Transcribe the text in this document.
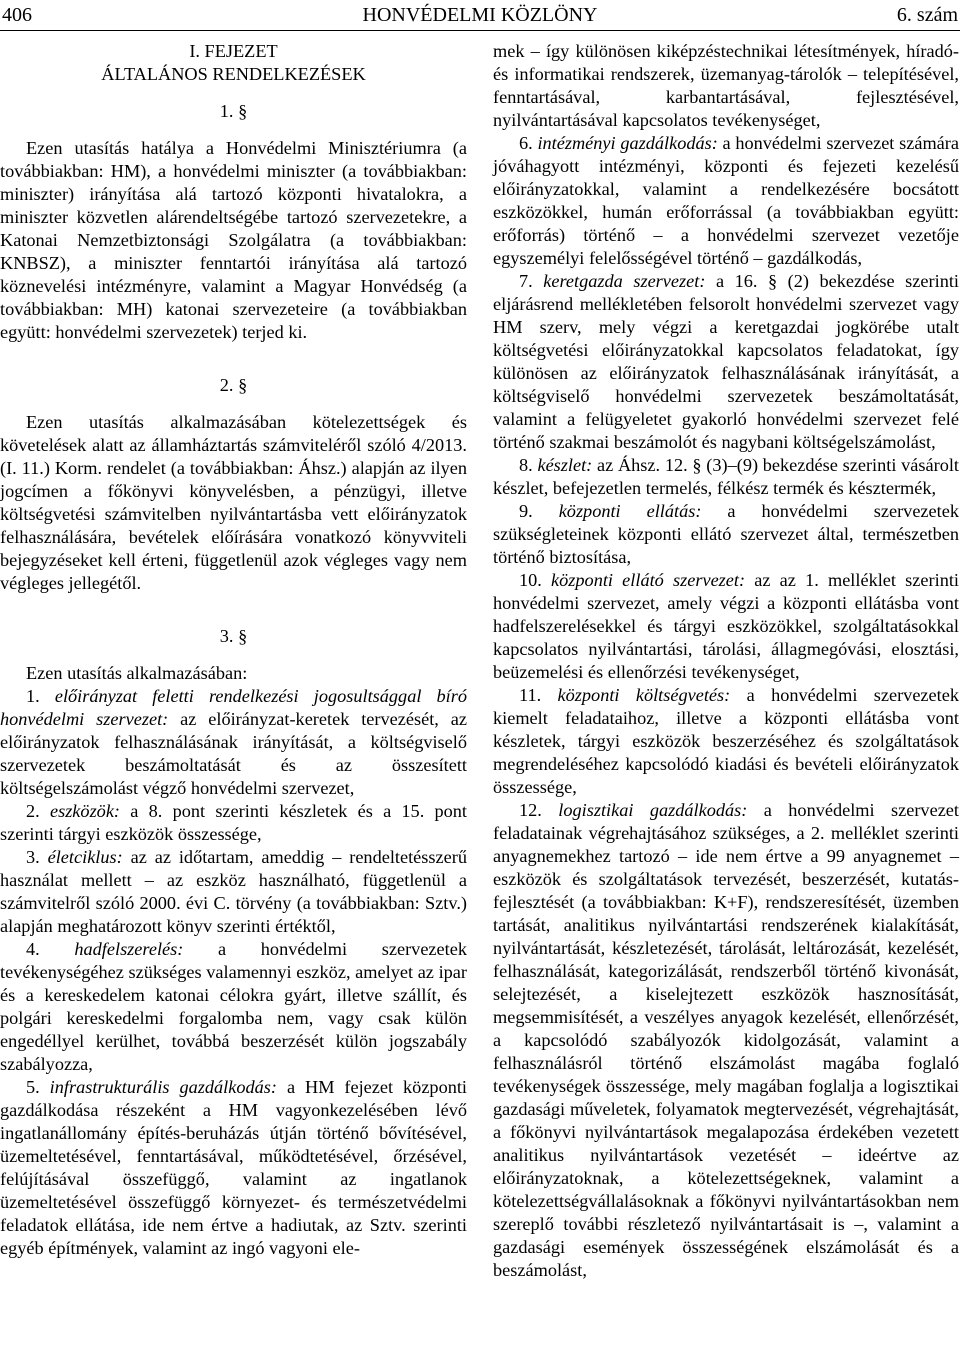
406	HONVÉDELMI KÖZLÖNY	6. szám

I. FEJEZET

ÁLTALÁNOS RENDELKEZÉSEK

1. §

Ezen utasítás hatálya a Honvédelmi Minisztériumra (a továbbiakban: HM), a honvédelmi miniszter (a továbbiakban: miniszter) irányítása alá tartozó központi hivatalokra, a miniszter közvetlen alárendeltségébe tartozó szervezetekre, a Katonai Nemzetbiztonsági Szolgálatra (a továbbiakban: KNBSZ), a miniszter fenntartói irányítása alá tartozó köznevelési intézményre, valamint a Magyar Honvédség (a továbbiakban: MH) katonai szervezeteire (a továbbiakban együtt: honvédelmi szervezetek) terjed ki.

2. §

Ezen utasítás alkalmazásában kötelezettségek és követelések alatt az államháztartás számviteléről szóló 4/2013. (I. 11.) Korm. rendelet (a továbbiakban: Áhsz.) alapján az ilyen jogcímen a főkönyvi könyvelésben, a pénzügyi, illetve költségvetési számvitelben nyilvántartásba vett előirányzatok felhasználására, bevételek előírására vonatkozó könyvviteli bejegyzéseket kell érteni, függetlenül azok végleges vagy nem végleges jellegétől.

3. §

Ezen utasítás alkalmazásában:

1. előirányzat feletti rendelkezési jogosultsággal bíró honvédelmi szervezet: az előirányzat-keretek tervezését, az előirányzatok felhasználásának irányítását, a költségviselő szervezetek beszámoltatását és az összesített költségelszámolást végző honvédelmi szervezet,

2. eszközök: a 8. pont szerinti készletek és a 15. pont szerinti tárgyi eszközök összessége,

3. életciklus: az az időtartam, ameddig – rendeltetésszerű használat mellett – az eszköz használható, függetlenül a számvitelről szóló 2000. évi C. törvény (a továbbiakban: Sztv.) alapján meghatározott könyv szerinti értéktől,

4. hadfelszerelés: a honvédelmi szervezetek tevékenységéhez szükséges valamennyi eszköz, amelyet az ipar és a kereskedelem katonai célokra gyárt, illetve szállít, és polgári kereskedelmi forgalomba nem, vagy csak külön engedéllyel kerülhet, továbbá beszerzését külön jogszabály szabályozza,

5. infrastrukturális gazdálkodás: a HM fejezet központi gazdálkodása részeként a HM vagyonkezelésében lévő ingatlanállomány építés-beruházás útján történő bővítésével, üzemeltetésével, fenntartásával, működtetésével, őrzésével, felújításával összefüggő, valamint az ingatlanok üzemeltetésével összefüggő környezet- és természetvédelmi feladatok ellátása, ide nem értve a hadiutak, az Sztv. szerinti egyéb építmények, valamint az ingó vagyoni ele-

mek – így különösen kiképzéstechnikai létesítmények, híradó- és informatikai rendszerek, üzemanyag-tárolók – telepítésével, fenntartásával, karbantartásával, fejlesztésével, nyilvántartásával kapcsolatos tevékenységet,

6. intézményi gazdálkodás: a honvédelmi szervezet számára jóváhagyott intézményi, központi és fejezeti kezelésű előirányzatokkal, valamint a rendelkezésére bocsátott eszközökkel, humán erőforrással (a továbbiakban együtt: erőforrás) történő – a honvédelmi szervezet vezetője egyszemélyi felelősségével történő – gazdálkodás,

7. keretgazda szervezet: a 16. § (2) bekezdése szerinti eljárásrend mellékletében felsorolt honvédelmi szervezet vagy HM szerv, mely végzi a keretgazdai jogkörébe utalt költségvetési előirányzatokkal kapcsolatos feladatokat, így különösen az előirányzatok felhasználásának irányítását, a költségviselő honvédelmi szervezetek beszámoltatását, valamint a felügyeletet gyakorló honvédelmi szervezet felé történő szakmai beszámolót és nagybani költségelszámolást,

8. készlet: az Áhsz. 12. § (3)–(9) bekezdése szerinti vásárolt készlet, befejezetlen termelés, félkész termék és késztermék,

9. központi ellátás: a honvédelmi szervezetek szükségleteinek központi ellátó szervezet által, természetben történő biztosítása,

10. központi ellátó szervezet: az az 1. melléklet szerinti honvédelmi szervezet, amely végzi a központi ellátásba vont hadfelszerelésekkel és tárgyi eszközökkel, szolgáltatásokkal kapcsolatos nyilvántartási, tárolási, állagmegóvási, elosztási, beüzemelési és ellenőrzési tevékenységet,

11. központi költségvetés: a honvédelmi szervezetek kiemelt feladataihoz, illetve a központi ellátásba vont készletek, tárgyi eszközök beszerzéséhez és szolgáltatások megrendeléséhez kapcsolódó kiadási és bevételi előirányzatok összessége,

12. logisztikai gazdálkodás: a honvédelmi szervezet feladatainak végrehajtásához szükséges, a 2. melléklet szerinti anyagnemekhez tartozó – ide nem értve a 99 anyagnemet – eszközök és szolgáltatások tervezését, beszerzését, kutatás-fejlesztését (a továbbiakban: K+F), rendszeresítését, üzemben tartását, analitikus nyilvántartási rendszerének kialakítását, nyilvántartását, készletezését, tárolását, leltározását, kezelését, felhasználását, kategorizálását, rendszerből történő kivonását, selejtezését, a kiselejtezett eszközök hasznosítását, megsemmisítését, a veszélyes anyagok kezelését, ellenőrzését, a kapcsolódó szabályozók kidolgozását, valamint a felhasználásról történő elszámolást magába foglaló tevékenységek összessége, mely magában foglalja a logisztikai gazdasági műveletek, folyamatok megtervezését, végrehajtását, a főkönyvi nyilvántartások megalapozása érdekében vezetett analitikus nyilvántartások vezetését – ideértve az előirányzatoknak, a kötelezettségeknek, valamint a kötelezettségvállalásoknak a főkönyvi nyilvántartásokban nem szereplő további részletező nyilvántartásait is –, valamint a gazdasági események összességének elszámolását és a beszámolást,
